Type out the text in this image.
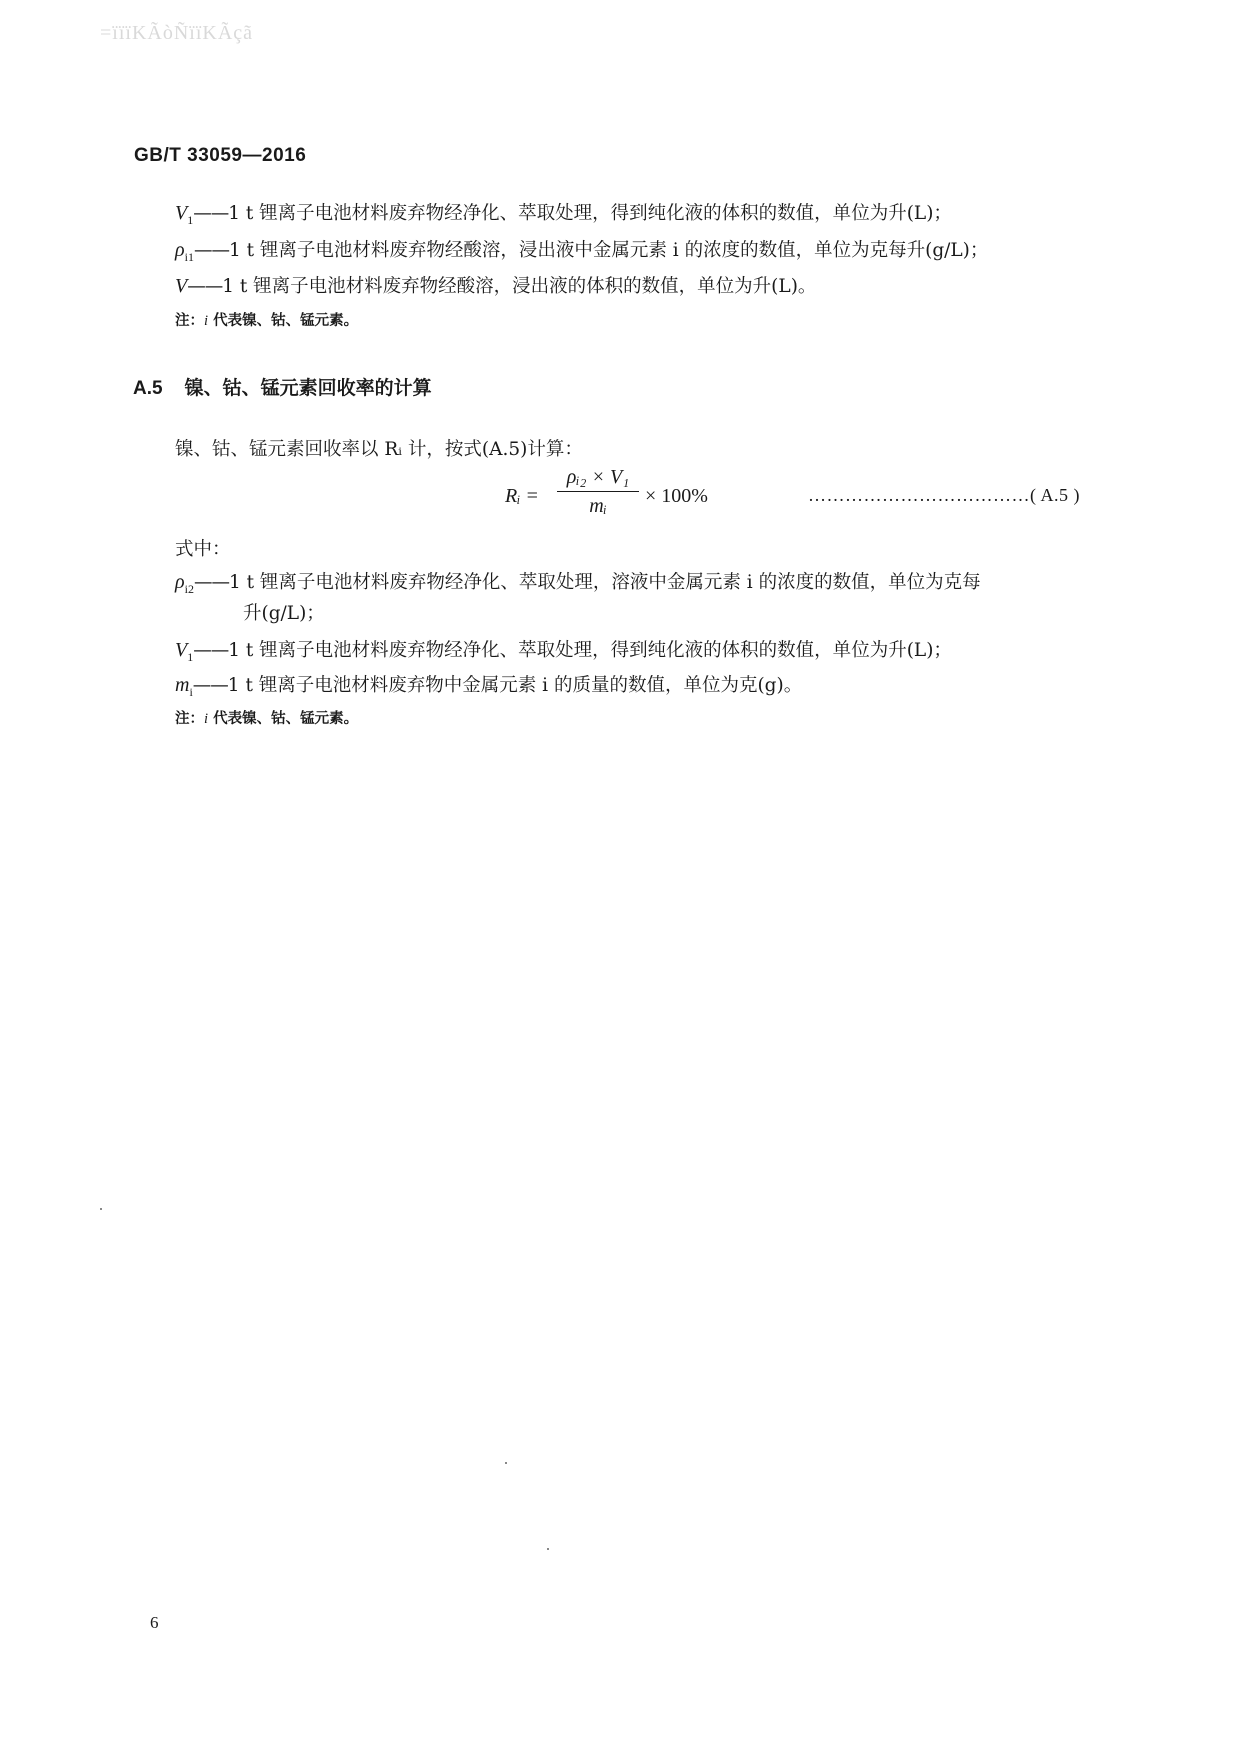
=ïïïKÃòÑïïKÃçã
GB/T 33059—2016
$V_1——1$ t 锂离子电池材料废弃物经净化、萃取处理，得到纯化液的体积的数值，单位为升(L)；
$\rho_{i1}——1$ t 锂离子电池材料废弃物经酸溶，浸出液中金属元素 i 的浓度的数值，单位为克每升(g/L)；
V——1 t 锂离子电池材料废弃物经酸溶，浸出液的体积的数值，单位为升(L)。
注：i 代表镍、钴、锰元素。
A.5 镍、钴、锰元素回收率的计算
镍、钴、锰元素回收率以 Rᵢ 计，按式(A.5)计算：
Rᵢ =
ρᵢ₂ × V₁
mᵢ	× 100%	………………………………( A.5 )
式中：
$\rho_{i2}——1$ t 锂离子电池材料废弃物经净化、萃取处理，溶液中金属元素 i 的浓度的数值，单位为克每
升(g/L)；
$V_1——1$ t 锂离子电池材料废弃物经净化、萃取处理，得到纯化液的体积的数值，单位为升(L)；
$m_i——1$ t 锂离子电池材料废弃物中金属元素 i 的质量的数值，单位为克(g)。
注：i 代表镍、钴、锰元素。
6
